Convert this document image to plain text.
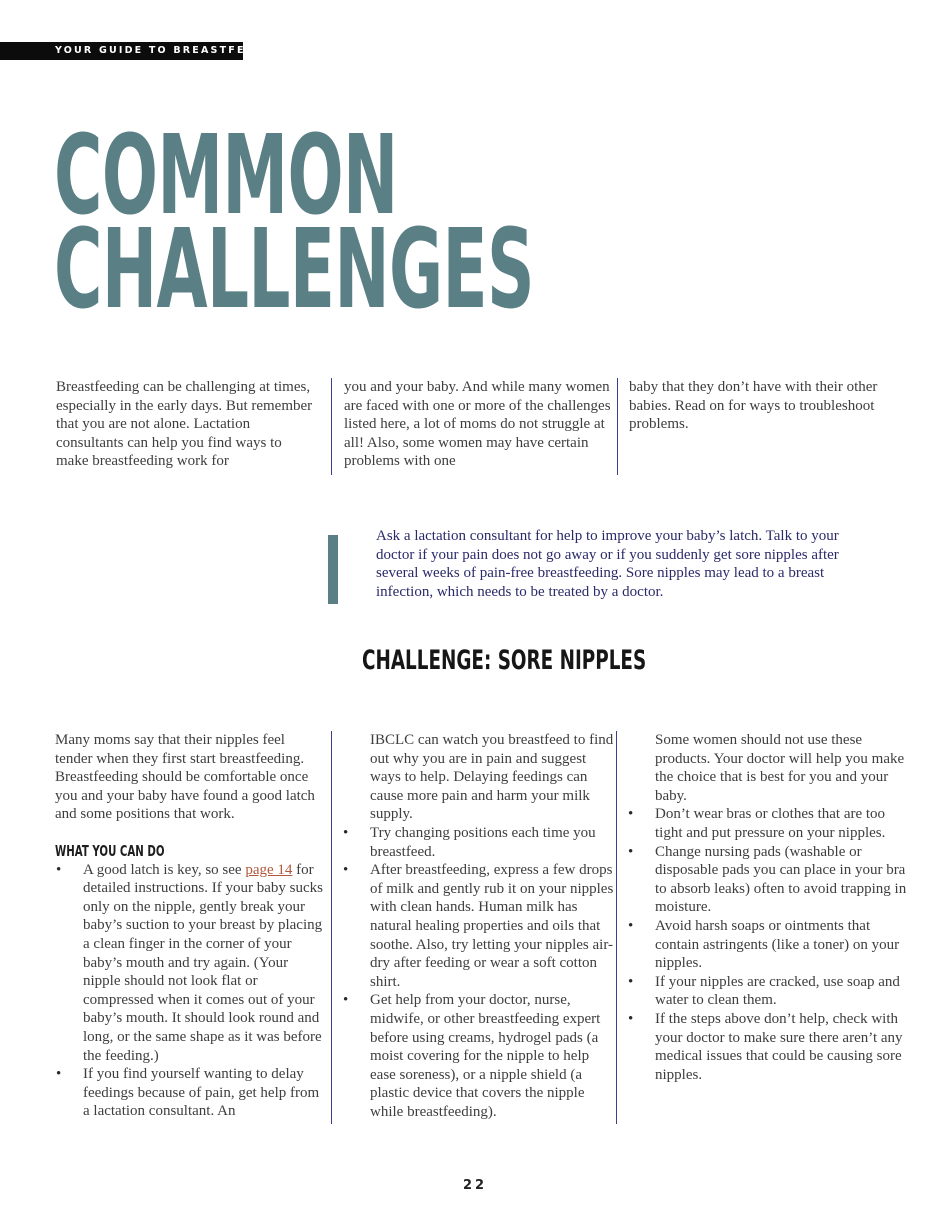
YOUR GUIDE TO BREASTFEEDING
COMMON
CHALLENGES

Breastfeeding can be challenging at times, especially in the early days. But remember that you are not alone. Lactation consultants can help you find ways to make breastfeeding work for

you and your baby. And while many women are faced with one or more of the challenges listed here, a lot of moms do not struggle at all! Also, some women may have certain problems with one

baby that they don’t have with their other babies. Read on for ways to troubleshoot problems.

Ask a lactation consultant for help to improve your baby’s latch. Talk to your doctor if your pain does not go away or if you suddenly get sore nipples after several weeks of pain-free breastfeeding. Sore nipples may lead to a breast infection, which needs to be treated by a doctor.

CHALLENGE: SORE NIPPLES

Many moms say that their nipples feel tender when they first start breastfeeding. Breastfeeding should be comfortable once you and your baby have found a good latch and some positions that work.

WHAT YOU CAN DO
• A good latch is key, so see page 14 for detailed instructions. If your baby sucks only on the nipple, gently break your baby’s suction to your breast by placing a clean finger in the corner of your baby’s mouth and try again. (Your nipple should not look flat or compressed when it comes out of your baby’s mouth. It should look round and long, or the same shape as it was before the feeding.)
• If you find yourself wanting to delay feedings because of pain, get help from a lactation consultant. An

IBCLC can watch you breastfeed to find out why you are in pain and suggest ways to help. Delaying feedings can cause more pain and harm your milk supply.

• Try changing positions each time you breastfeed.
• After breastfeeding, express a few drops of milk and gently rub it on your nipples with clean hands. Human milk has natural healing properties and oils that soothe. Also, try letting your nipples air-dry after feeding or wear a soft cotton shirt.
• Get help from your doctor, nurse, midwife, or other breastfeeding expert before using creams, hydrogel pads (a moist covering for the nipple to help ease soreness), or a nipple shield (a plastic device that covers the nipple while breastfeeding).

Some women should not use these products. Your doctor will help you make the choice that is best for you and your baby.

• Don’t wear bras or clothes that are too tight and put pressure on your nipples.
• Change nursing pads (washable or disposable pads you can place in your bra to absorb leaks) often to avoid trapping in moisture.
• Avoid harsh soaps or ointments that contain astringents (like a toner) on your nipples.
• If your nipples are cracked, use soap and water to clean them.
• If the steps above don’t help, check with your doctor to make sure there aren’t any medical issues that could be causing sore nipples.
22
